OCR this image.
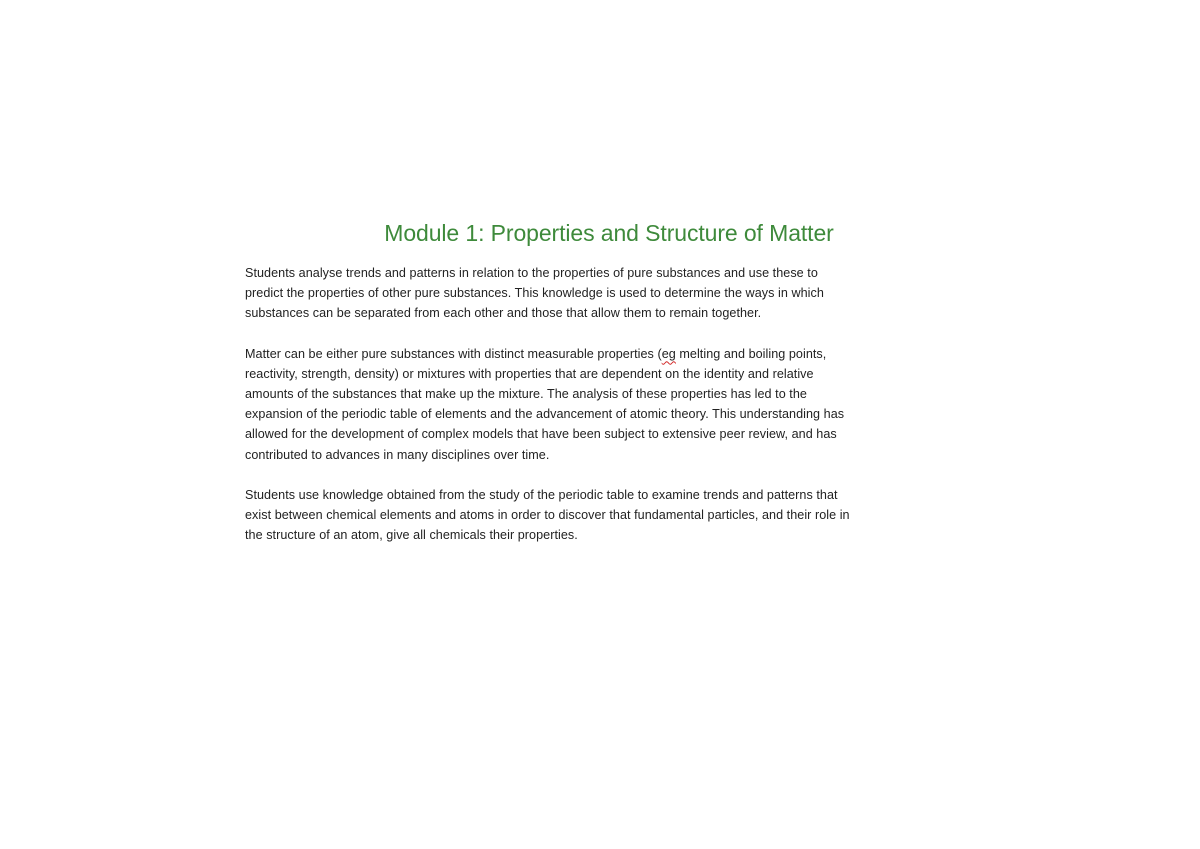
Module 1: Properties and Structure of Matter

Students analyse trends and patterns in relation to the properties of pure substances and use these to
predict the properties of other pure substances. This knowledge is used to determine the ways in which
substances can be separated from each other and those that allow them to remain together.

Matter can be either pure substances with distinct measurable properties (eg melting and boiling points,
reactivity, strength, density) or mixtures with properties that are dependent on the identity and relative
amounts of the substances that make up the mixture. The analysis of these properties has led to the
expansion of the periodic table of elements and the advancement of atomic theory. This understanding has
allowed for the development of complex models that have been subject to extensive peer review, and has
contributed to advances in many disciplines over time.

Students use knowledge obtained from the study of the periodic table to examine trends and patterns that
exist between chemical elements and atoms in order to discover that fundamental particles, and their role in
the structure of an atom, give all chemicals their properties.
